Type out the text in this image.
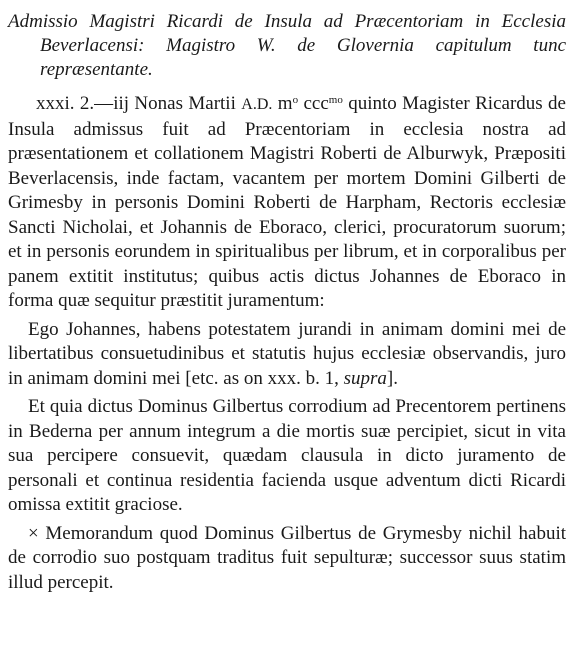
Admissio Magistri Ricardi de Insula ad Præcentoriam in Ecclesia Beverlacensi: Magistro W. de Glovernia capitulum tunc repræsentante.

xxxi. 2.—iij Nonas Martii A.D. $m^o$ ccc$^{mo}$ quinto Magister Ricardus de Insula admissus fuit ad Præcentoriam in ecclesia nostra ad præsentationem et collationem Magistri Roberti de Alburwyk, Præpositi Beverlacensis, inde factam, vacantem per mortem Domini Gilberti de Grimesby in personis Domini Roberti de Harpham, Rectoris ecclesiæ Sancti Nicholai, et Johannis de Eboraco, clerici, procuratorum suorum; et in personis eorundem in spiritualibus per librum, et in corporalibus per panem extitit institutus; quibus actis dictus Johannes de Eboraco in forma quæ sequitur præstitit juramentum:

Ego Johannes, habens potestatem jurandi in animam domini mei de libertatibus consuetudinibus et statutis hujus ecclesiæ observandis, juro in animam domini mei [etc. as on xxx. b. 1, supra].

Et quia dictus Dominus Gilbertus corrodium ad Precentorem pertinens in Bederna per annum integrum a die mortis suæ percipiet, sicut in vita sua percipere consuevit, quædam clausula in dicto juramento de personali et continua residentia facienda usque adventum dicti Ricardi omissa extitit graciose.

× Memorandum quod Dominus Gilbertus de Grymesby nichil habuit de corrodio suo postquam traditus fuit sepulturæ; successor suus statim illud percepit.
